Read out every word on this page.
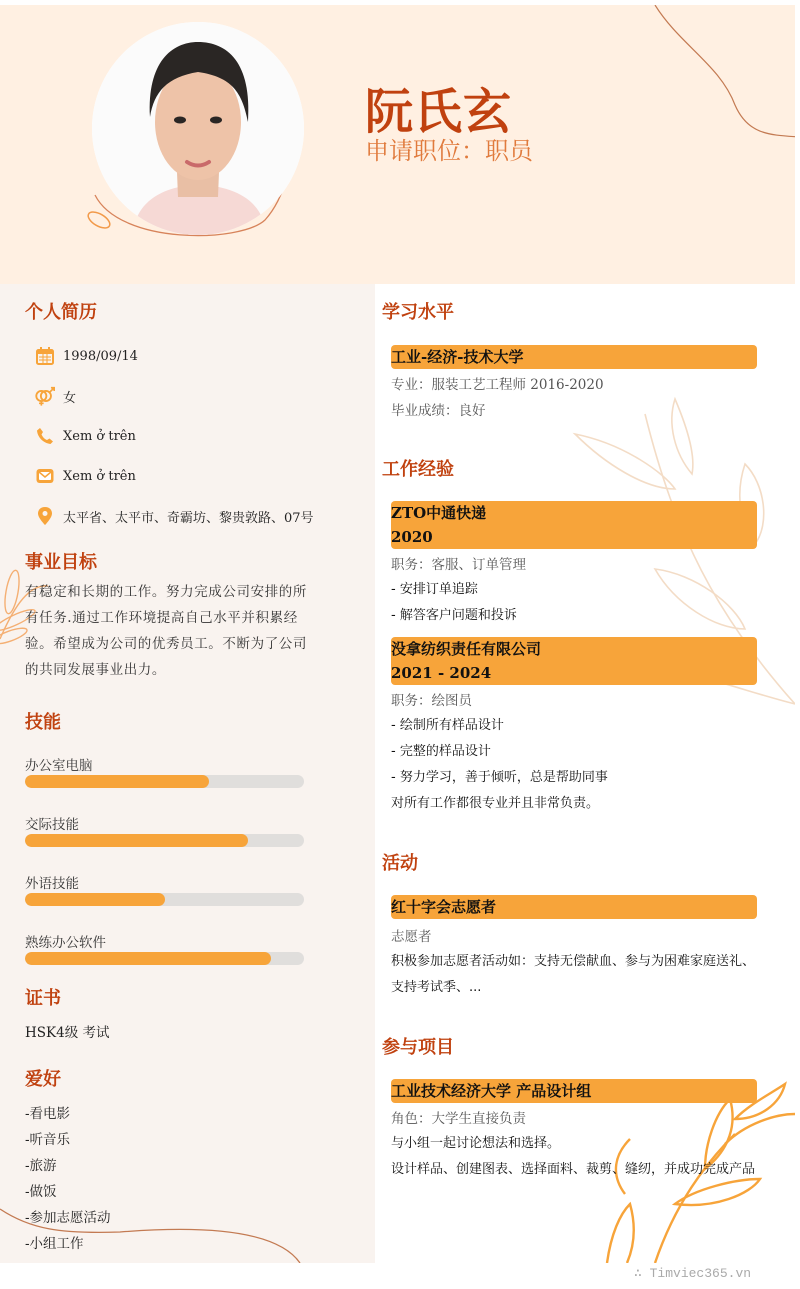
阮氏玄
申请职位：职员
个人简历
1998/09/14
女
Xem ở trên
Xem ở trên
太平省、太平市、奇霸坊、黎贵敦路、07号
事业目标
有稳定和长期的工作。努力完成公司安排的所有任务.通过工作环境提高自己水平并积累经验。希望成为公司的优秀员工。不断为了公司的共同发展事业出力。
技能
办公室电脑
交际技能
外语技能
熟练办公软件
证书
HSK4级 考试
爱好
-看电影
-听音乐
-旅游
-做饭
-参加志愿活动
-小组工作
学习水平
工业-经济-技术大学
专业：服装工艺工程师 2016-2020
毕业成绩：良好
工作经验
ZTO中通快递
2020
职务：客服、订单管理
- 安排订单追踪
- 解答客户问题和投诉
没拿纺织责任有限公司
2021 - 2024
职务：绘图员
- 绘制所有样品设计
- 完整的样品设计
- 努力学习，善于倾听，总是帮助同事
对所有工作都很专业并且非常负责。
活动
红十字会志愿者
志愿者
积极参加志愿者活动如：支持无偿献血、参与为困难家庭送礼、
支持考试季、...
参与项目
工业技术经济大学 产品设计组
角色：大学生直接负责
与小组一起讨论想法和选择。
设计样品、创建图表、选择面料、裁剪、缝纫，并成功完成产品
∴ Timviec365.vn
